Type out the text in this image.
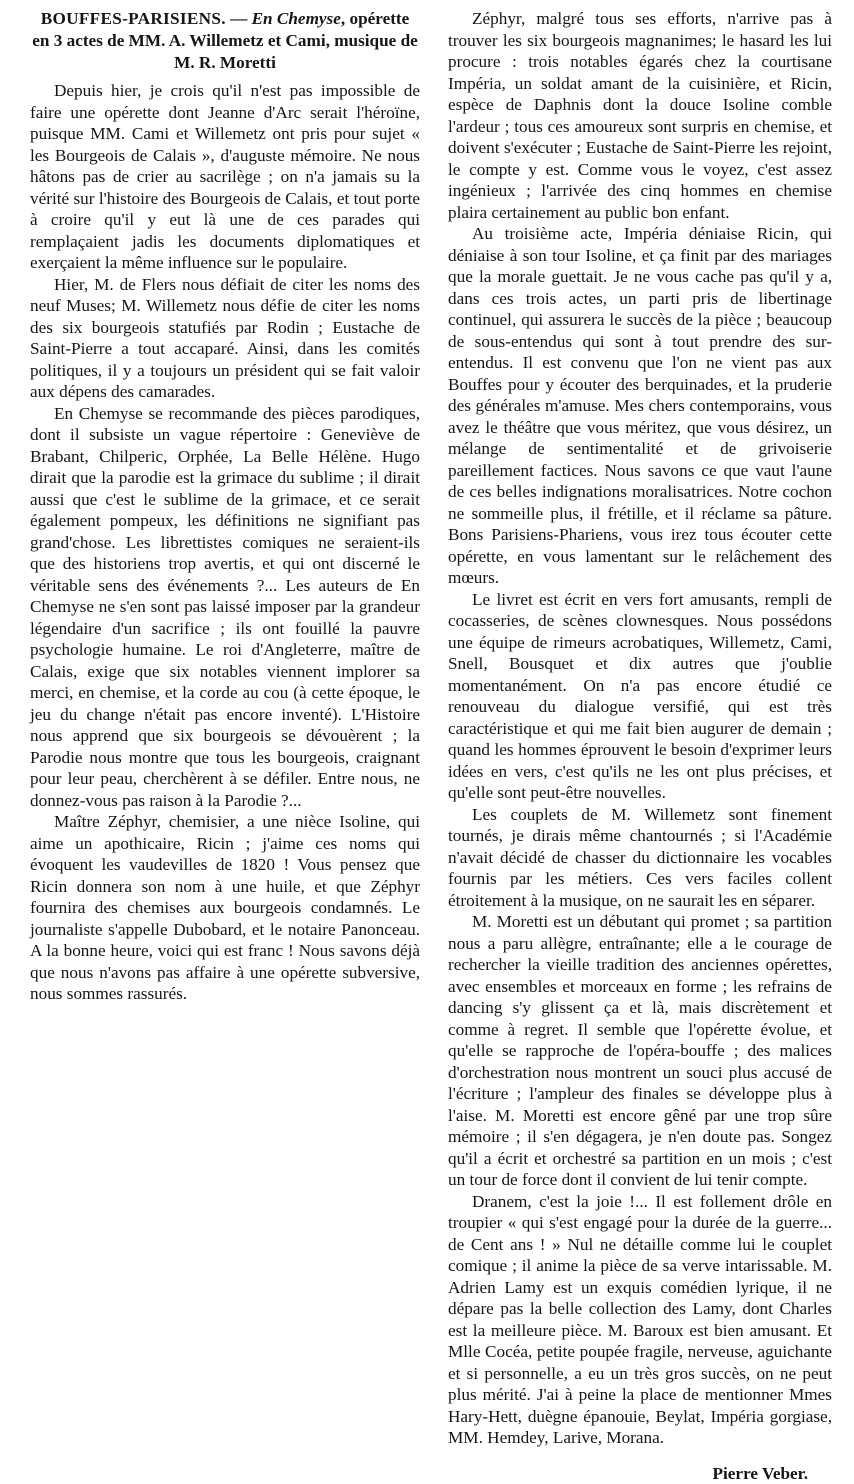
BOUFFES-PARISIENS. — En Chemyse, opérette en 3 actes de MM. A. Willemetz et Cami, musique de M. R. Moretti

Depuis hier, je crois qu'il n'est pas impossible de faire une opérette dont Jeanne d'Arc serait l'héroïne, puisque MM. Cami et Willemetz ont pris pour sujet « les Bourgeois de Calais », d'auguste mémoire. Ne nous hâtons pas de crier au sacrilège ; on n'a jamais su la vérité sur l'histoire des Bourgeois de Calais, et tout porte à croire qu'il y eut là une de ces parades qui remplaçaient jadis les documents diplomatiques et exerçaient la même influence sur le populaire.

Hier, M. de Flers nous défiait de citer les noms des neuf Muses; M. Willemetz nous défie de citer les noms des six bourgeois statufiés par Rodin ; Eustache de Saint-Pierre a tout accaparé. Ainsi, dans les comités politiques, il y a toujours un président qui se fait valoir aux dépens des camarades.

En Chemyse se recommande des pièces parodiques, dont il subsiste un vague répertoire : Geneviève de Brabant, Chilperic, Orphée, La Belle Hélène. Hugo dirait que la parodie est la grimace du sublime ; il dirait aussi que c'est le sublime de la grimace, et ce serait également pompeux, les définitions ne signifiant pas grand'chose. Les librettistes comiques ne seraient-ils que des historiens trop avertis, et qui ont discerné le véritable sens des événements ?... Les auteurs de En Chemyse ne s'en sont pas laissé imposer par la grandeur légendaire d'un sacrifice ; ils ont fouillé la pauvre psychologie humaine. Le roi d'Angleterre, maître de Calais, exige que six notables viennent implorer sa merci, en chemise, et la corde au cou (à cette époque, le jeu du change n'était pas encore inventé). L'Histoire nous apprend que six bourgeois se dévouèrent ; la Parodie nous montre que tous les bourgeois, craignant pour leur peau, cherchèrent à se défiler. Entre nous, ne donnez-vous pas raison à la Parodie ?...

Maître Zéphyr, chemisier, a une nièce Isoline, qui aime un apothicaire, Ricin ; j'aime ces noms qui évoquent les vaudevilles de 1820 ! Vous pensez que Ricin donnera son nom à une huile, et que Zéphyr fournira des chemises aux bourgeois condamnés. Le journaliste s'appelle Dubobard, et le notaire Panonceau. A la bonne heure, voici qui est franc ! Nous savons déjà que nous n'avons pas affaire à une opérette subversive, nous sommes rassurés.

Zéphyr, malgré tous ses efforts, n'arrive pas à trouver les six bourgeois magnanimes; le hasard les lui procure : trois notables égarés chez la courtisane Impéria, un soldat amant de la cuisinière, et Ricin, espèce de Daphnis dont la douce Isoline comble l'ardeur ; tous ces amoureux sont surpris en chemise, et doivent s'exécuter ; Eustache de Saint-Pierre les rejoint, le compte y est. Comme vous le voyez, c'est assez ingénieux ; l'arrivée des cinq hommes en chemise plaira certainement au public bon enfant.

Au troisième acte, Impéria déniaise Ricin, qui déniaise à son tour Isoline, et ça finit par des mariages que la morale guettait. Je ne vous cache pas qu'il y a, dans ces trois actes, un parti pris de libertinage continuel, qui assurera le succès de la pièce ; beaucoup de sous-entendus qui sont à tout prendre des sur-entendus. Il est convenu que l'on ne vient pas aux Bouffes pour y écouter des berquinades, et la pruderie des générales m'amuse. Mes chers contemporains, vous avez le théâtre que vous méritez, que vous désirez, un mélange de sentimentalité et de grivoiserie pareillement factices. Nous savons ce que vaut l'aune de ces belles indignations moralisatrices. Notre cochon ne sommeille plus, il frétille, et il réclame sa pâture. Bons Parisiens-Phariens, vous irez tous écouter cette opérette, en vous lamentant sur le relâchement des mœurs.

Le livret est écrit en vers fort amusants, rempli de cocasseries, de scènes clownesques. Nous possédons une équipe de rimeurs acrobatiques, Willemetz, Cami, Snell, Bousquet et dix autres que j'oublie momentanément. On n'a pas encore étudié ce renouveau du dialogue versifié, qui est très caractéristique et qui me fait bien augurer de demain ; quand les hommes éprouvent le besoin d'exprimer leurs idées en vers, c'est qu'ils ne les ont plus précises, et qu'elle sont peut-être nouvelles.

Les couplets de M. Willemetz sont finement tournés, je dirais même chantournés ; si l'Académie n'avait décidé de chasser du dictionnaire les vocables fournis par les métiers. Ces vers faciles collent étroitement à la musique, on ne saurait les en séparer.

M. Moretti est un débutant qui promet ; sa partition nous a paru allègre, entraînante; elle a le courage de rechercher la vieille tradition des anciennes opérettes, avec ensembles et morceaux en forme ; les refrains de dancing s'y glissent ça et là, mais discrètement et comme à regret. Il semble que l'opérette évolue, et qu'elle se rapproche de l'opéra-bouffe ; des malices d'orchestration nous montrent un souci plus accusé de l'écriture ; l'ampleur des finales se développe plus à l'aise. M. Moretti est encore gêné par une trop sûre mémoire ; il s'en dégagera, je n'en doute pas. Songez qu'il a écrit et orchestré sa partition en un mois ; c'est un tour de force dont il convient de lui tenir compte.

Dranem, c'est la joie !... Il est follement drôle en troupier « qui s'est engagé pour la durée de la guerre... de Cent ans ! » Nul ne détaille comme lui le couplet comique ; il anime la pièce de sa verve intarissable. M. Adrien Lamy est un exquis comédien lyrique, il ne dépare pas la belle collection des Lamy, dont Charles est la meilleure pièce. M. Baroux est bien amusant. Et Mlle Cocéa, petite poupée fragile, nerveuse, aguichante et si personnelle, a eu un très gros succès, on ne peut plus mérité. J'ai à peine la place de mentionner Mmes Hary-Hett, duègne épanouie, Beylat, Impéria gorgiase, MM. Hemdey, Larive, Morana.

Pierre Veber.
